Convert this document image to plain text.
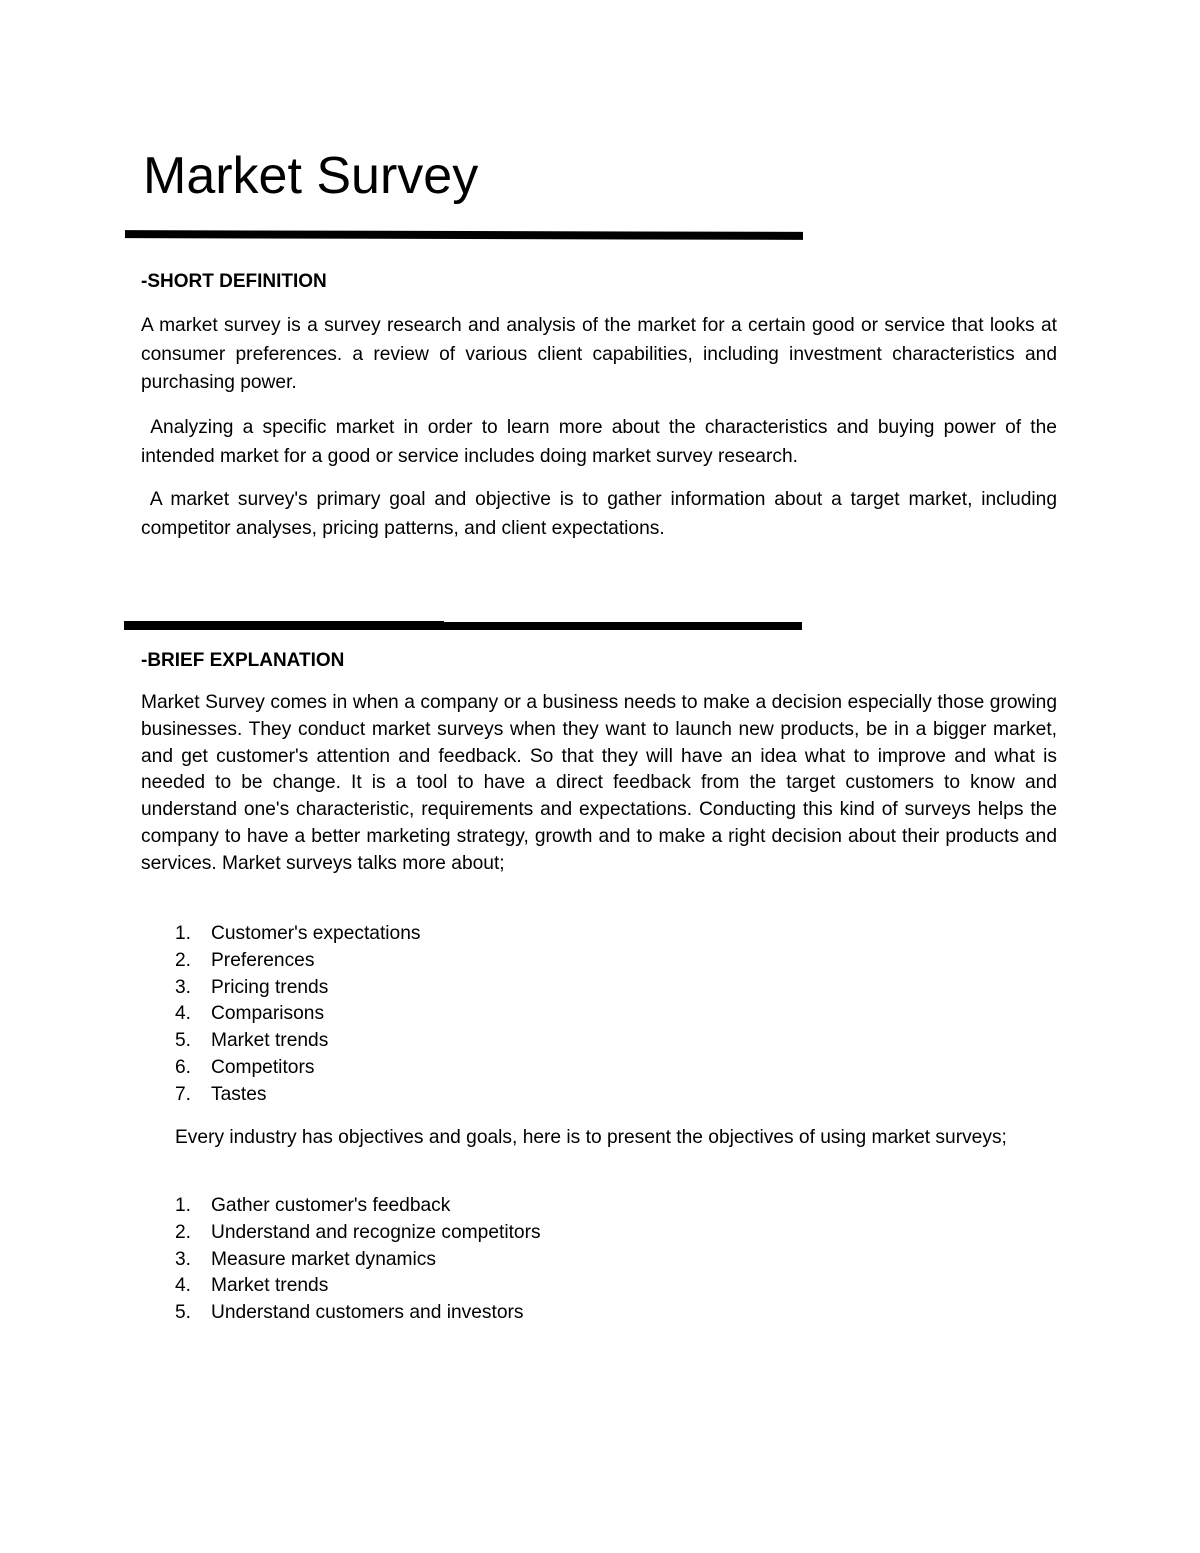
Market Survey
-SHORT DEFINITION

A market survey is a survey research and analysis of the market for a certain good or service that looks at consumer preferences. a review of various client capabilities, including investment characteristics and purchasing power.

Analyzing a specific market in order to learn more about the characteristics and buying power of the intended market for a good or service includes doing market survey research.

A market survey's primary goal and objective is to gather information about a target market, including competitor analyses, pricing patterns, and client expectations.

-BRIEF EXPLANATION

Market Survey comes in when a company or a business needs to make a decision especially those growing businesses. They conduct market surveys when they want to launch new products, be in a bigger market, and get customer's attention and feedback. So that they will have an idea what to improve and what is needed to be change. It is a tool to have a direct feedback from the target customers to know and understand one's characteristic, requirements and expectations. Conducting this kind of surveys helps the company to have a better marketing strategy, growth and to make a right decision about their products and services. Market surveys talks more about;

1.	Customer's expectations
2.	Preferences
3.	Pricing trends
4.	Comparisons
5.	Market trends
6.	Competitors
7.	Tastes

Every industry has objectives and goals, here is to present the objectives of using market surveys;

1.	Gather customer's feedback
2.	Understand and recognize competitors
3.	Measure market dynamics
4.	Market trends
5.	Understand customers and investors
